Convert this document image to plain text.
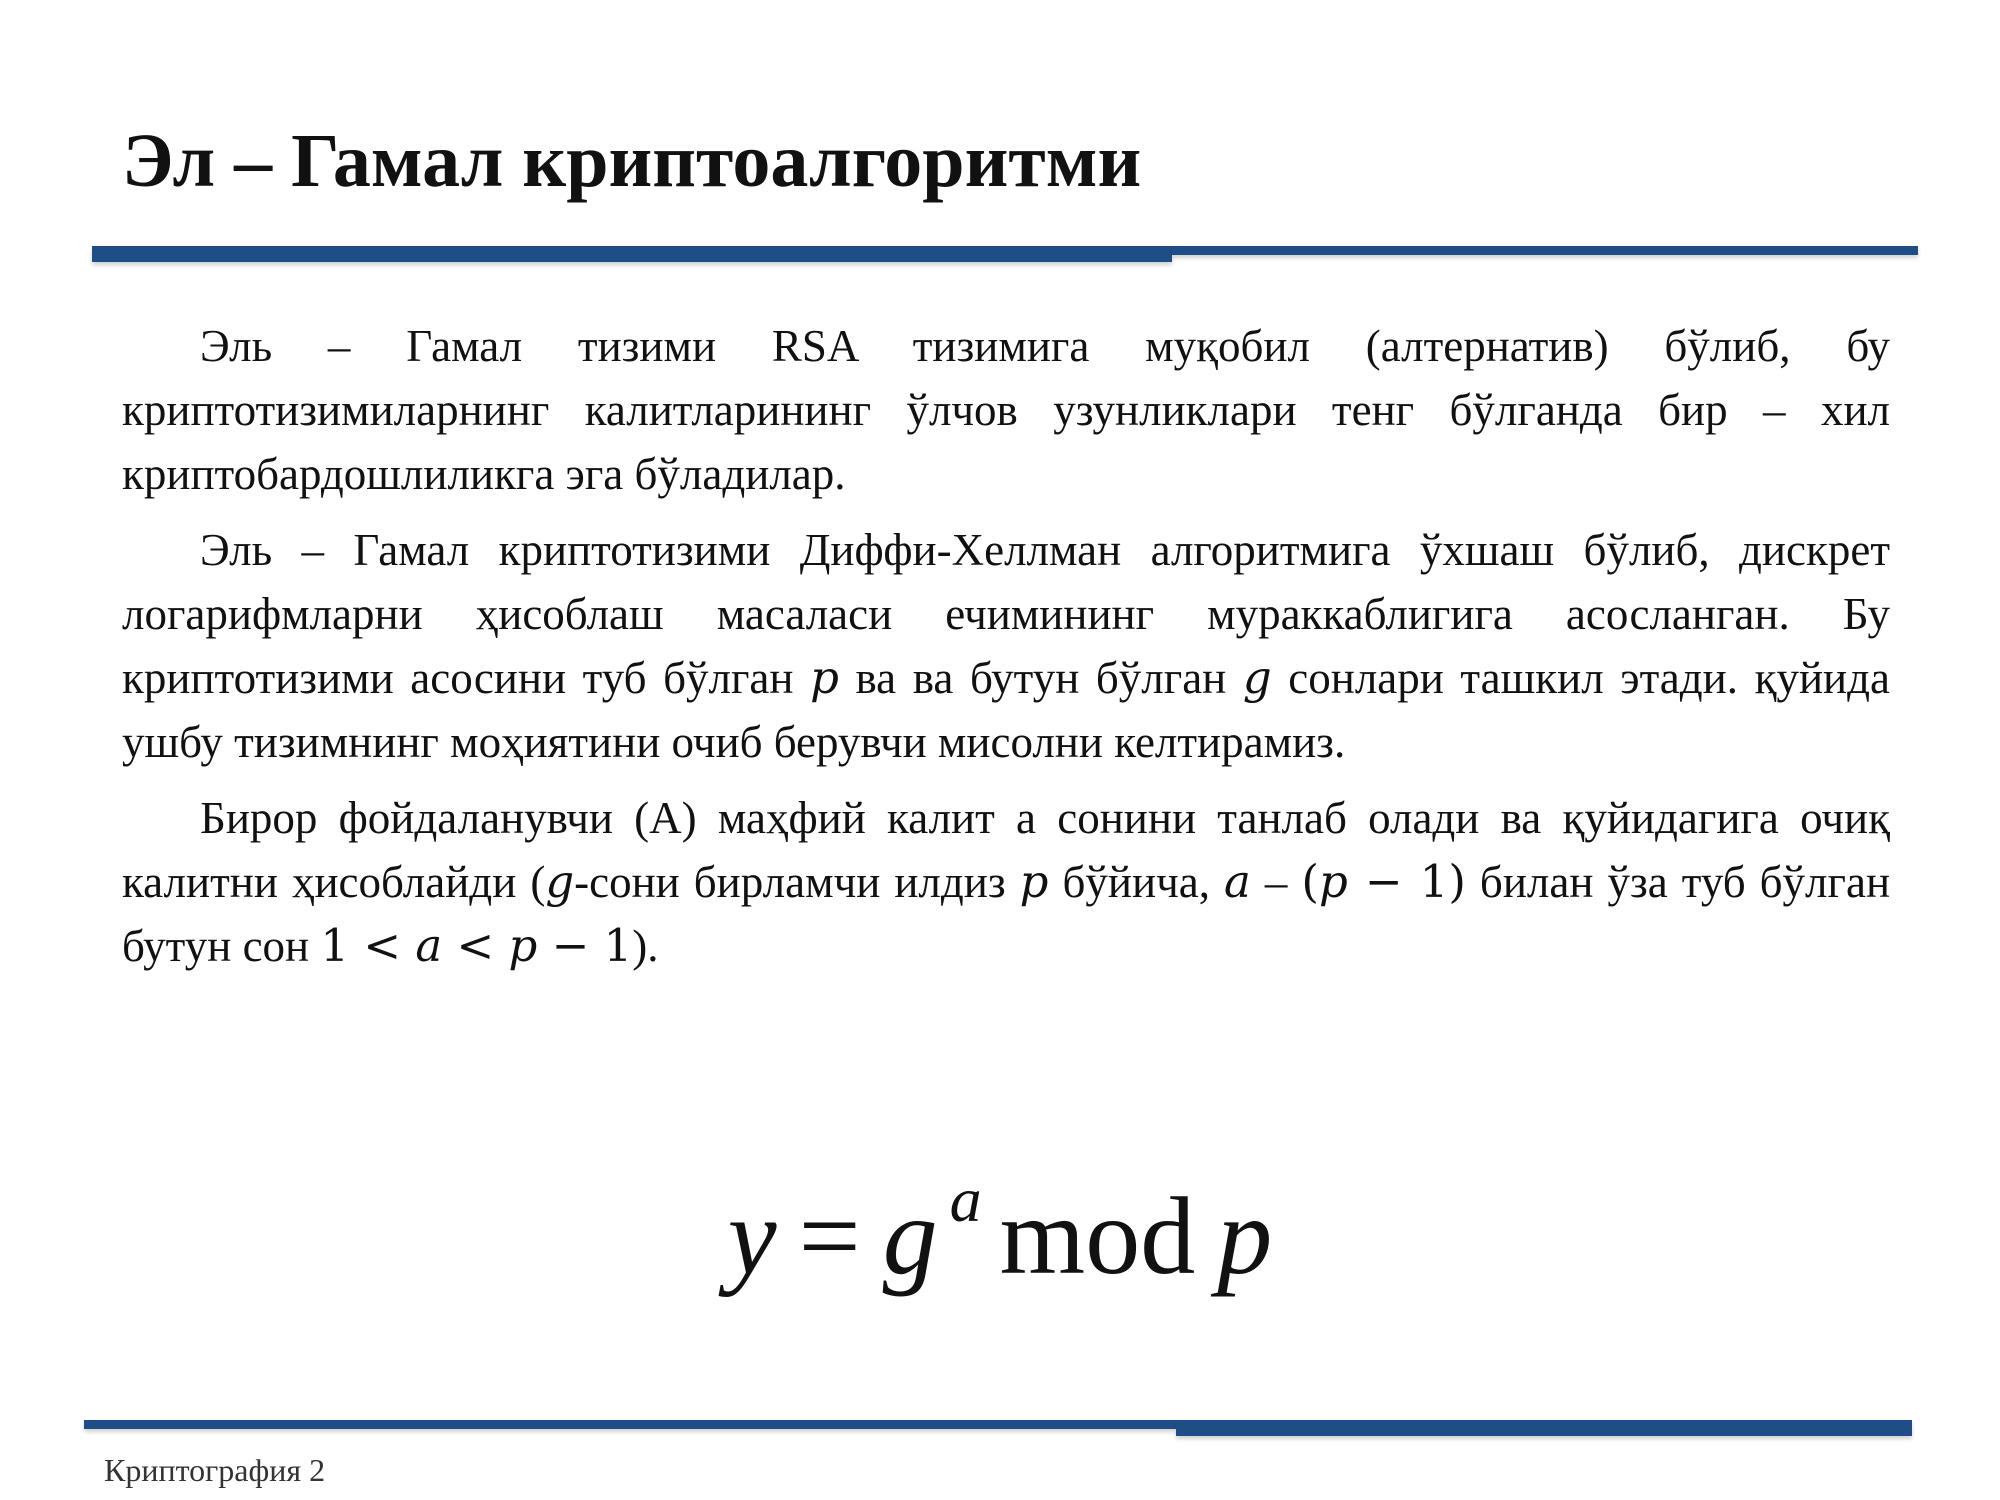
Эл – Гамал криптоалгоритми

Эль – Гамал тизими RSA тизимига муқобил (алтернатив) бўлиб, бу криптотизимиларнинг калитларининг ўлчов узунликлари тенг бўлганда бир – хил криптобардошлиликга эга бўладилар.

Эль – Гамал криптотизими Диффи-Хеллман алгоритмига ўхшаш бўлиб, дискрет логарифмларни ҳисоблаш масаласи ечимининг мураккаблигига асосланган. Бу криптотизими асосини туб бўлган p ва ва бутун бўлган g сонлари ташкил этади. қуйида ушбу тизимнинг моҳиятини очиб берувчи мисолни келтирамиз.

Бирор фойдаланувчи (А) маҳфий калит а сонини танлаб олади ва қуйидагига очиқ калитни ҳисоблайди (g-сони бирламчи илдиз p бўйича, a – (p − 1) билан ўза туб бўлган бутун сон 1 < a < p − 1).

y = g $^a$ mod p
Криптография 2
